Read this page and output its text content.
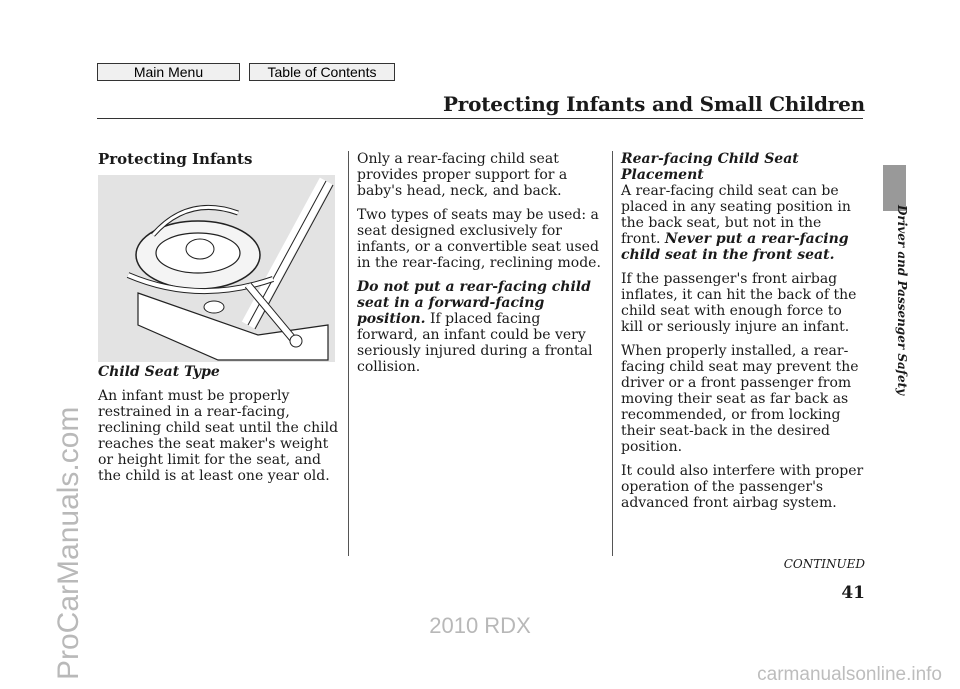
Main Menu	Table of Contents
Protecting Infants and Small Children

Protecting Infants

Child Seat Type

An infant must be properly restrained in a rear-facing, reclining child seat until the child reaches the seat maker's weight or height limit for the seat, and the child is at least one year old.

Only a rear-facing child seat provides proper support for a baby's head, neck, and back.

Two types of seats may be used: a seat designed exclusively for infants, or a convertible seat used in the rear-facing, reclining mode.

Do not put a rear-facing child seat in a forward-facing position. If placed facing forward, an infant could be very seriously injured during a frontal collision.

Rear-facing Child Seat Placement

A rear-facing child seat can be placed in any seating position in the back seat, but not in the front. Never put a rear-facing child seat in the front seat.

If the passenger's front airbag inflates, it can hit the back of the child seat with enough force to kill or seriously injure an infant.

When properly installed, a rear-facing child seat may prevent the driver or a front passenger from moving their seat as far back as recommended, or from locking their seat-back in the desired position.

It could also interfere with proper operation of the passenger's advanced front airbag system.

Driver and Passenger Safety
CONTINUED
41
2010 RDX
ProCarManuals.com	carmanualsonline.info
